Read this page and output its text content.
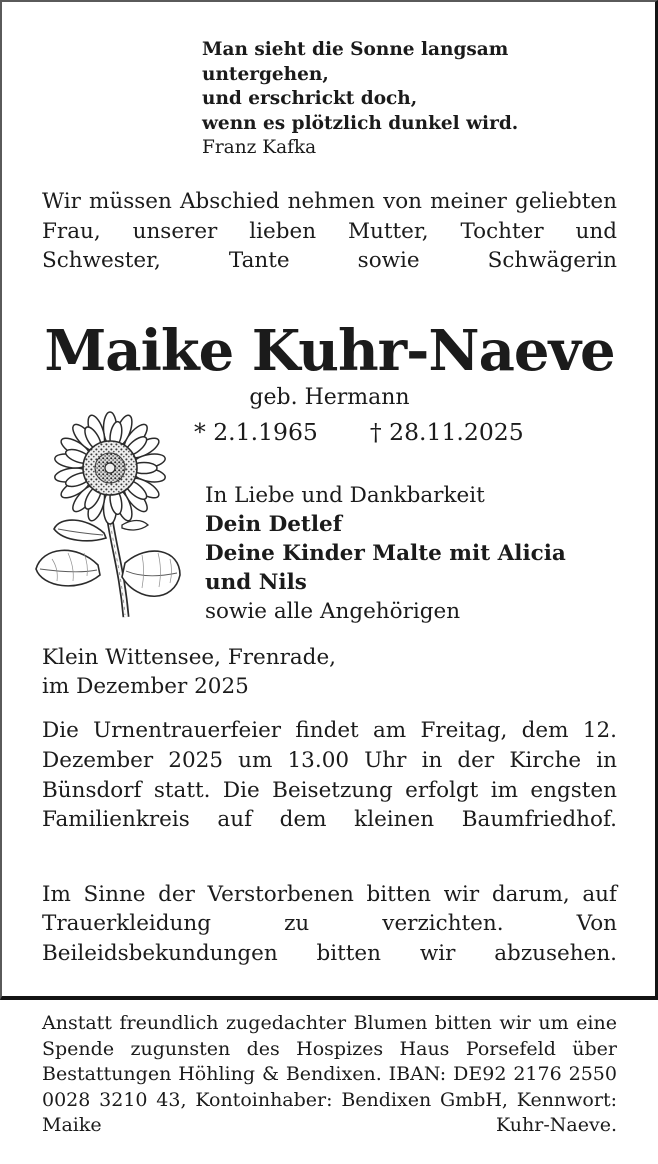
Man sieht die Sonne langsam untergehen,

und erschrickt doch,

wenn es plötzlich dunkel wird.

Franz Kafka

Wir müssen Abschied nehmen von meiner geliebten Frau, unserer lieben Mutter, Tochter und Schwester, Tante sowie Schwägerin

Maike Kuhr-Naeve
geb. Hermann
* 2.1.1965 † 28.11.2025

In Liebe und Dankbarkeit

Dein Detlef

Deine Kinder Malte mit Alicia und Nils

sowie alle Angehörigen

Klein Wittensee, Frenrade,

im Dezember 2025

Die Urnentrauerfeier findet am Freitag, dem 12. Dezember 2025 um 13.00 Uhr in der Kirche in Bünsdorf statt. Die Beisetzung erfolgt im engsten Familienkreis auf dem kleinen Baumfriedhof.

Im Sinne der Verstorbenen bitten wir darum, auf Trauerkleidung zu verzichten. Von Beileidsbekundungen bitten wir abzusehen.

Anstatt freundlich zugedachter Blumen bitten wir um eine Spende zugunsten des Hospizes Haus Porsefeld über Bestattungen Höhling & Bendixen. IBAN: DE92 2176 2550 0028 3210 43, Kontoinhaber: Bendixen GmbH, Kennwort: Maike Kuhr-Naeve.
